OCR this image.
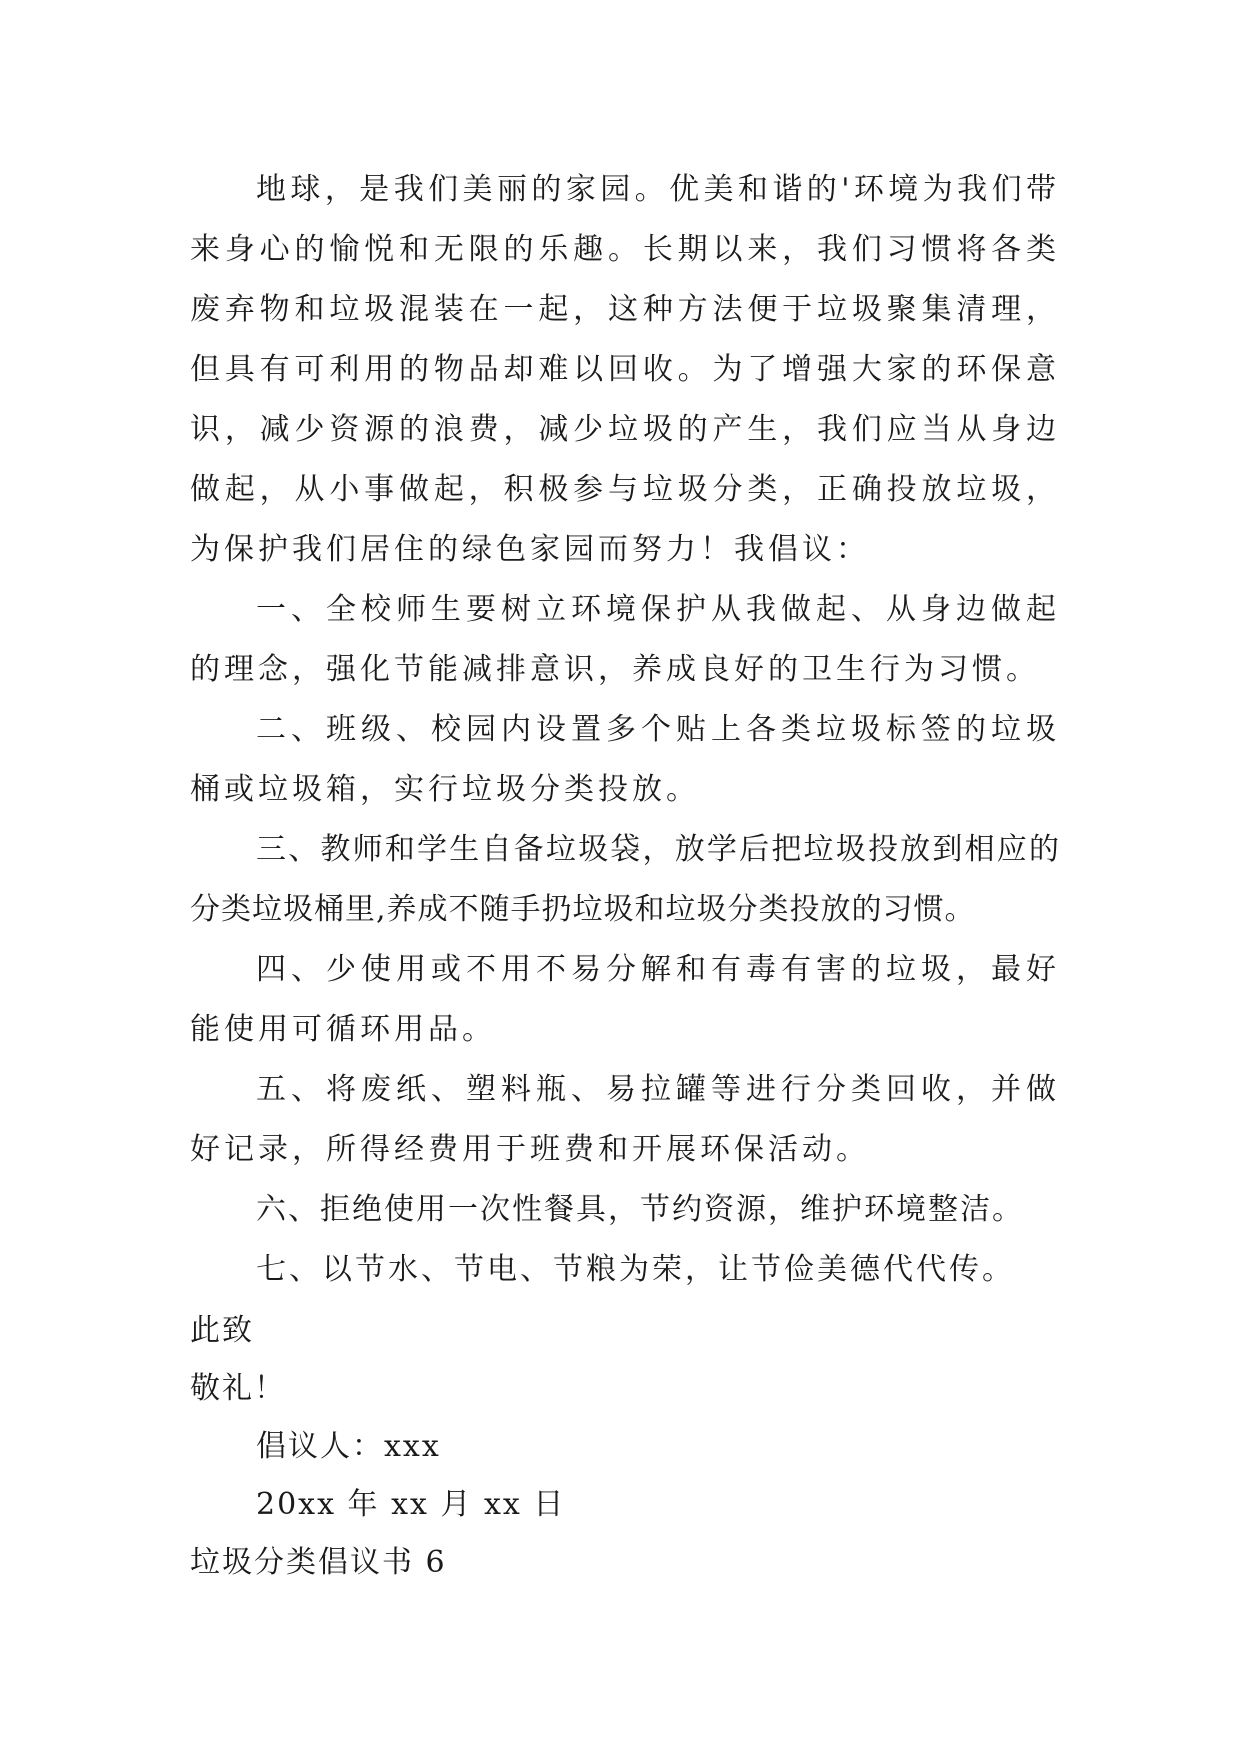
地球，是我们美丽的家园。优美和谐的'环境为我们带来身心的愉悦和无限的乐趣。长期以来，我们习惯将各类废弃物和垃圾混装在一起，这种方法便于垃圾聚集清理，但具有可利用的物品却难以回收。为了增强大家的环保意识，减少资源的浪费，减少垃圾的产生，我们应当从身边做起，从小事做起，积极参与垃圾分类，正确投放垃圾，为保护我们居住的绿色家园而努力！我倡议：

一、全校师生要树立环境保护从我做起、从身边做起的理念，强化节能减排意识，养成良好的卫生行为习惯。

二、班级、校园内设置多个贴上各类垃圾标签的垃圾桶或垃圾箱，实行垃圾分类投放。

三、教师和学生自备垃圾袋，放学后把垃圾投放到相应的分类垃圾桶里,养成不随手扔垃圾和垃圾分类投放的习惯。

四、少使用或不用不易分解和有毒有害的垃圾，最好能使用可循环用品。

五、将废纸、塑料瓶、易拉罐等进行分类回收，并做好记录，所得经费用于班费和开展环保活动。

六、拒绝使用一次性餐具，节约资源，维护环境整洁。

七、以节水、节电、节粮为荣，让节俭美德代代传。

此致

敬礼！

倡议人：xxx

20xx 年 xx 月 xx 日

垃圾分类倡议书 6
